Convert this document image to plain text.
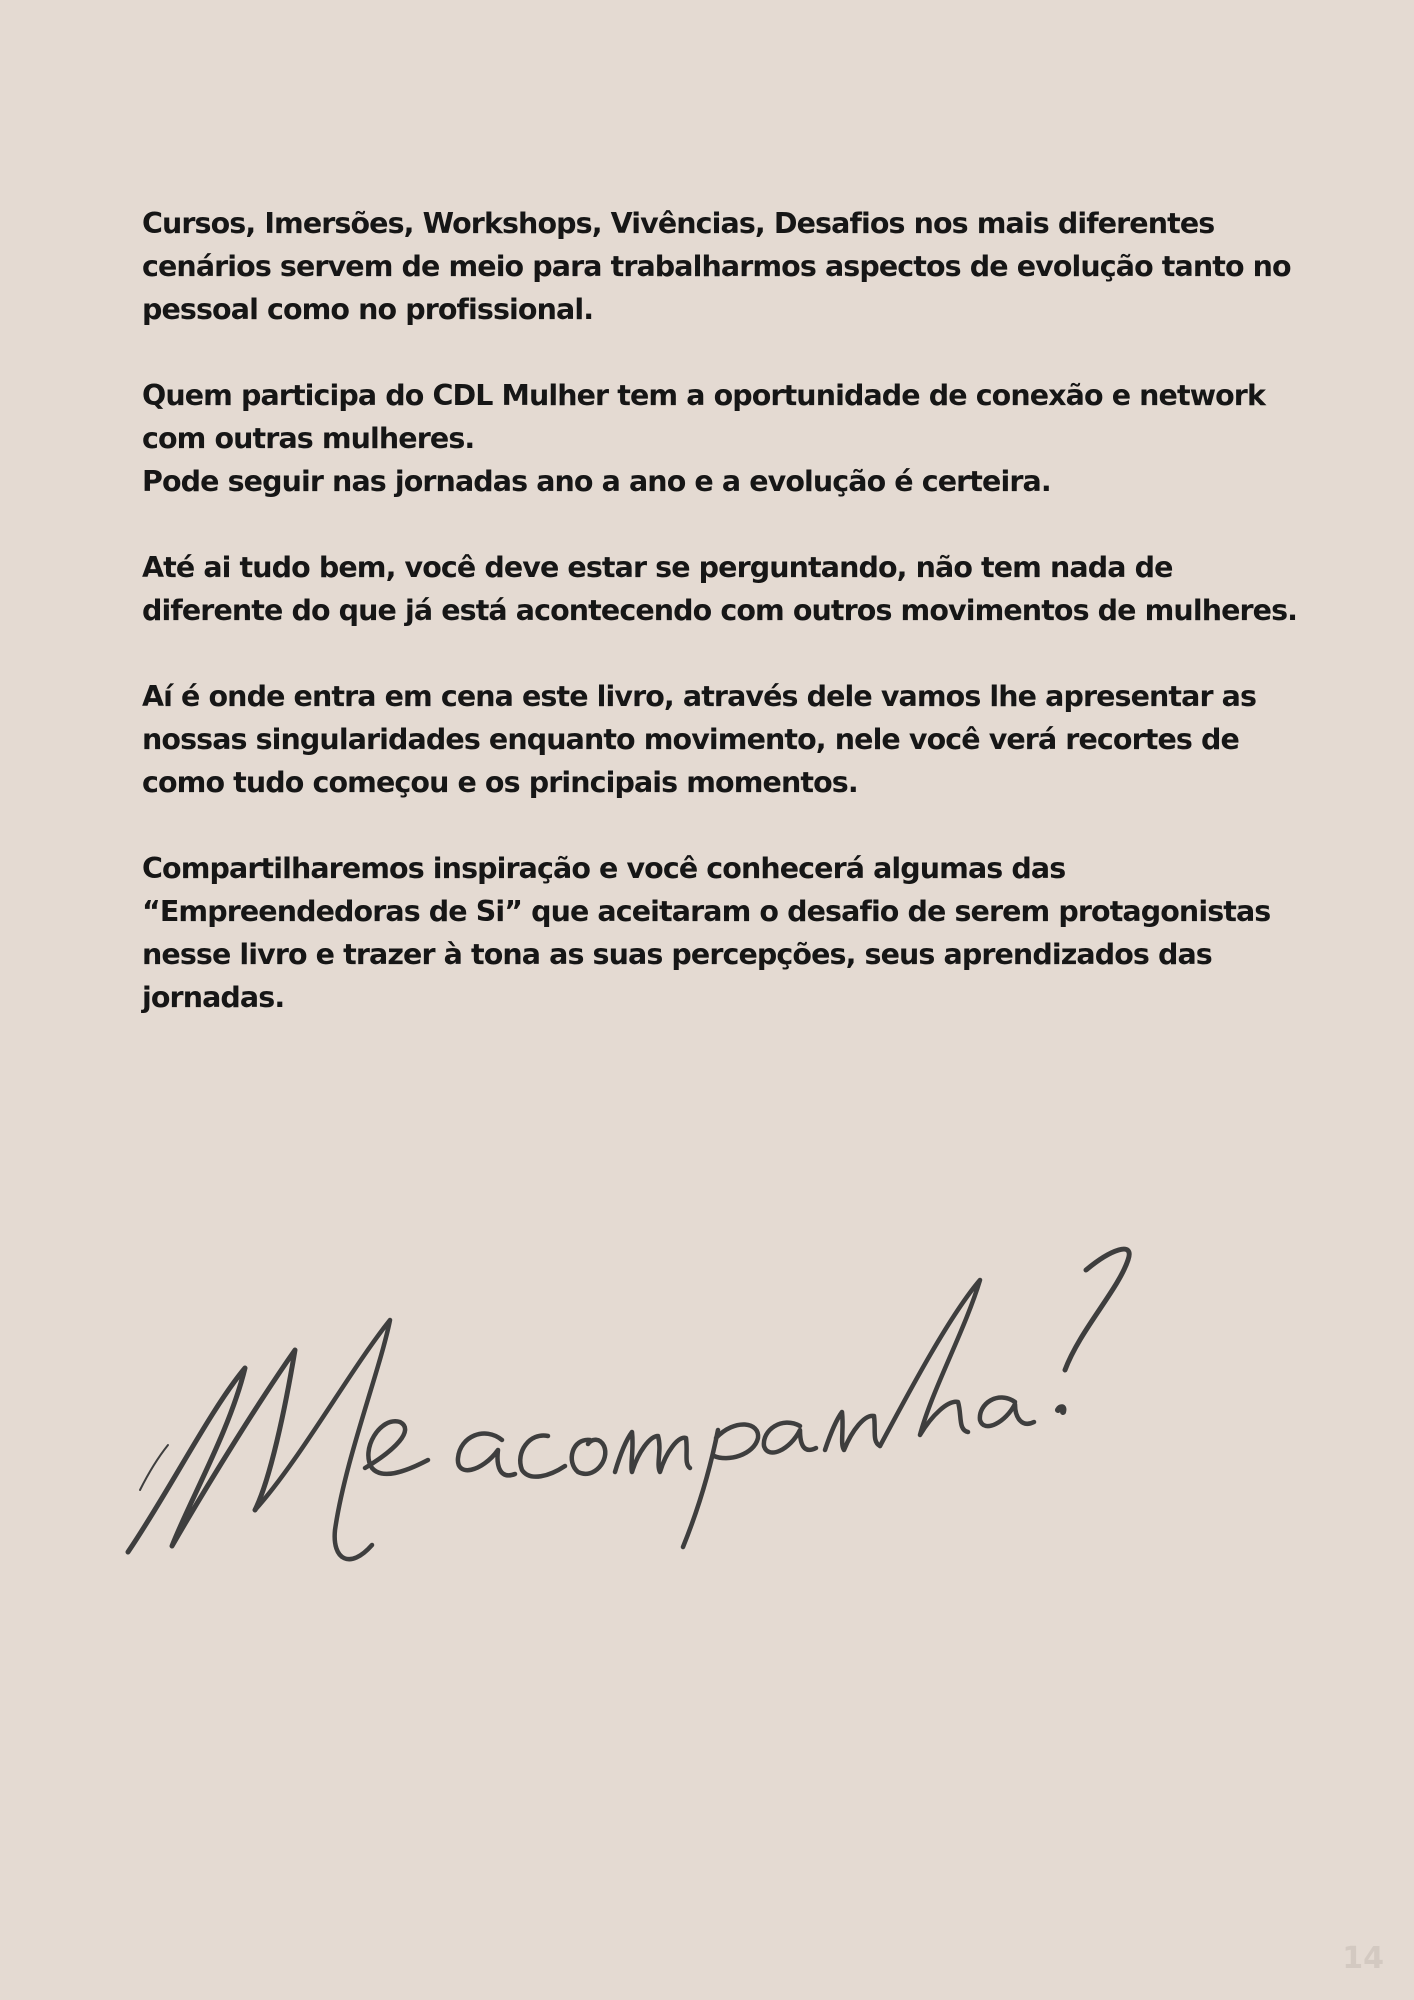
Cursos, Imersões, Workshops, Vivências, Desafios nos mais diferentes
cenários servem de meio para trabalharmos aspectos de evolução tanto no
pessoal como no profissional.

Quem participa do CDL Mulher tem a oportunidade de conexão e network
com outras mulheres.
Pode seguir nas jornadas ano a ano e a evolução é certeira.

Até ai tudo bem, você deve estar se perguntando, não tem nada de
diferente do que já está acontecendo com outros movimentos de mulheres.

Aí é onde entra em cena este livro, através dele vamos lhe apresentar as
nossas singularidades enquanto movimento, nele você verá recortes de
como tudo começou e os principais momentos.

Compartilharemos inspiração e você conhecerá algumas das
“Empreendedoras de Si” que aceitaram o desafio de serem protagonistas
nesse livro e trazer à tona as suas percepções, seus aprendizados das
jornadas.

14
